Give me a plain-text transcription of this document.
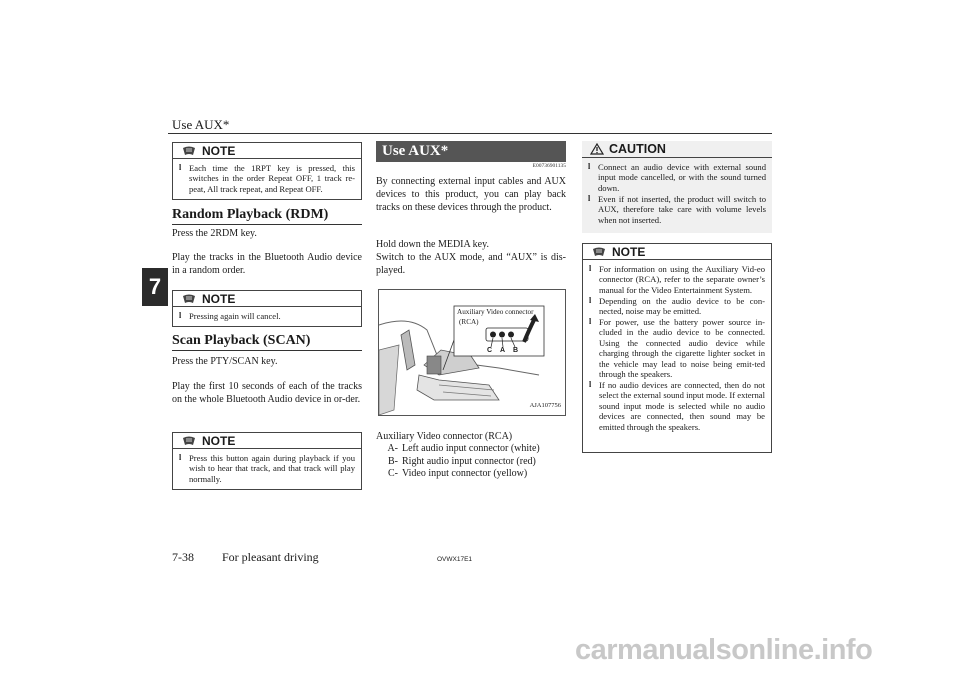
Use AUX*
7
NOTE
l Each time the 1RPT key is pressed, this switches in the order Repeat OFF, 1 track re-peat, All track repeat, and Repeat OFF.
Random Playback (RDM)
Press the 2RDM key.
Play the tracks in the Bluetooth Audio device in a random order.
NOTE
l Pressing again will cancel.
Scan Playback (SCAN)
Press the PTY/SCAN key.
Play the first 10 seconds of each of the tracks on the whole Bluetooth Audio device in or-der.
NOTE
l Press this button again during playback if you wish to hear that track, and that track will play normally.
Use AUX*
E00736901135
By connecting external input cables and AUX devices to this product, you can play back tracks on these devices through the product.
Hold down the MEDIA key.
Switch to the AUX mode, and “AUX” is dis-played.
Auxiliary Video connector
(RCA)
C A B
AJA107756
Auxiliary Video connector (RCA)
A- Left audio input connector (white)
B- Right audio input connector (red)
C- Video input connector (yellow)
CAUTION
l Connect an audio device with external sound input mode cancelled, or with the sound turned down.
l Even if not inserted, the product will switch to AUX, therefore take care with volume levels when not inserted.
NOTE
l For information on using the Auxiliary Vid-eo connector (RCA), refer to the separate owner’s manual for the Video Entertainment System.
l Depending on the audio device to be con-nected, noise may be emitted.
l For power, use the battery power source in-cluded in the audio device to be connected. Using the connected audio device while charging through the cigarette lighter socket in the vehicle may lead to noise being emit-ted through the speakers.
l If no audio devices are connected, then do not select the external sound input mode. If external sound input mode is selected while no audio devices are connected, then sound may be emitted through the speakers.
7-38 For pleasant driving	OVWX17E1
carmanualsonline.info
